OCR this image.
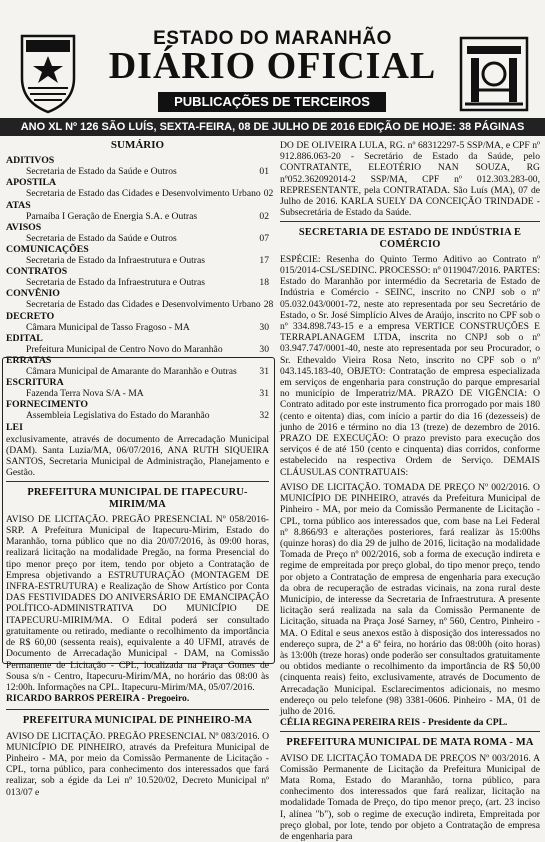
ESTADO DO MARANHÃO
DIÁRIO OFICIAL
PUBLICAÇÕES DE TERCEIROS
ANO XL Nº 126 SÃO LUÍS, SEXTA-FEIRA, 08 DE JULHO DE 2016 EDIÇÃO DE HOJE: 38 PÁGINAS
SUMÁRIO
ADITIVOS
Secretaria de Estado da Saúde e Outros	01
APOSTILA
Secretaria de Estado das Cidades e Desenvolvimento Urbano 02
ATAS
Parnaíba I Geração de Energia S.A. e Outras	02
AVISOS
Secretaria de Estado da Saúde e Outros	07
COMUNICAÇÕES
Secretaria de Estado da Infraestrutura e Outras	17
CONTRATOS
Secretaria de Estado da Infraestrutura e Outras	18
CONVÊNIO
Secretaria de Estado das Cidades e Desenvolvimento Urbano 28
DECRETO
Câmara Municipal de Tasso Fragoso - MA	30
EDITAL
Prefeitura Municipal de Centro Novo do Maranhão	30
ERRATAS
Câmara Municipal de Amarante do Maranhão e Outras	31
ESCRITURA
Fazenda Terra Nova S/A - MA	31
FORNECIMENTO
Assembleia Legislativa do Estado do Maranhão	32
LEI
exclusivamente, através de documento de Arrecadação Municipal (DAM). Santa Luzia/MA, 06/07/2016, ANA RUTH SIQUEIRA SANTOS, Secretaria Municipal de Administração, Planejamento e Gestão.
PREFEITURA MUNICIPAL DE ITAPECURU-MIRIM/MA
AVISO DE LICITAÇÃO. PREGÃO PRESENCIAL Nº 058/2016-SRP. A Prefeitura Municipal de Itapecuru-Mirim, Estado do Maranhão, torna público que no dia 20/07/2016, às 09:00 horas, realizará licitação na modalidade Pregão, na forma Presencial do tipo menor preço por item, tendo por objeto a Contratação de Empresa objetivando a ESTRUTURAÇÃO (MONTAGEM DE INFRA-ESTRUTURA) e Realização de Show Artístico por Conta DAS FESTIVIDADES DO ANIVERSÁRIO DE EMANCIPAÇÃO POLÍTICO-ADMINISTRATIVA DO MUNICÍPIO DE ITAPECURU-MIRIM/MA. O Edital poderá ser consultado gratuitamente ou retirado, mediante o recolhimento da importância de R$ 60,00 (sessenta reais), equivalente a 40 UFMI, através de Documento de Arrecadação Municipal - DAM, na Comissão Permanente de Licitação - CPL, localizada na Praça Gomes de Sousa s/n - Centro, Itapecuru-Mirim/MA, no horário das 08:00 às 12:00h. Informações na CPL. Itapecuru-Mirim/MA, 05/07/2016.
RICARDO BARROS PEREIRA - Pregoeiro.
PREFEITURA MUNICIPAL DE PINHEIRO-MA
AVISO DE LICITAÇÃO. PREGÃO PRESENCIAL Nº 083/2016. O MUNICÍPIO DE PINHEIRO, através da Prefeitura Municipal de Pinheiro - MA, por meio da Comissão Permanente de Licitação - CPL, torna público, para conhecimento dos interessados que fará realizar, sob a égide da Lei nº 10.520/02, Decreto Municipal nº 013/07 e
DO DE OLIVEIRA LULA, RG. nº 68312297-5 SSP/MA, e CPF nº 912.886.063-20 - Secretário de Estado da Saúde, pelo CONTRATANTE, ELEOTÉRIO NAN SOUZA, RG nº052.362092014-2 SSP/MA, CPF nº 012.303.283-00, REPRESENTANTE, pela CONTRATADA. São Luís (MA), 07 de Julho de 2016. KARLA SUELY DA CONCEIÇÃO TRINDADE - Subsecretária de Estado da Saúde.
SECRETARIA DE ESTADO DE INDÚSTRIA E COMÉRCIO
ESPÉCIE: Resenha do Quinto Termo Aditivo ao Contrato nº 015/2014-CSL/SEDINC. PROCESSO: nº 0119047/2016. PARTES: Estado do Maranhão por intermédio da Secretaria de Estado de Indústria e Comércio - SEINC, inscrito no CNPJ sob o nº 05.032.043/0001-72, neste ato representada por seu Secretário de Estado, o Sr. José Simplício Alves de Araújo, inscrito no CPF sob o nº 334.898.743-15 e a empresa VERTICE CONSTRUÇÕES E TERRAPLANAGEM LTDA, inscrita no CNPJ sob o nº 03.947.747/0001-40, neste ato representada por seu Procurador, o Sr. Ethevaldo Vieira Rosa Neto, inscrito no CPF sob o nº 043.145.183-40, OBJETO: Contratação de empresa especializada em serviços de engenharia para construção do parque empresarial no município de Imperatriz/MA. PRAZO DE VIGÊNCIA: O Contrato aditado por este instrumento fica prorrogado por mais 180 (cento e oitenta) dias, com início a partir do dia 16 (dezesseis) de junho de 2016 e término no dia 13 (treze) de dezembro de 2016. PRAZO DE EXECUÇÃO: O prazo previsto para execução dos serviços é de até 150 (cento e cinquenta) dias corridos, conforme estabelecido na respectiva Ordem de Serviço. DEMAIS CLÁUSULAS CONTRATUAIS:
AVISO DE LICITAÇÃO. TOMADA DE PREÇO Nº 002/2016. O MUNICÍPIO DE PINHEIRO, através da Prefeitura Municipal de Pinheiro - MA, por meio da Comissão Permanente de Licitação - CPL, torna público aos interessados que, com base na Lei Federal nº 8.866/93 e alterações posteriores, fará realizar às 15:00hs (quinze horas) do dia 29 de julho de 2016, licitação na modalidade Tomada de Preço nº 002/2016, sob a forma de execução indireta e regime de empreitada por preço global, do tipo menor preço, tendo por objeto a Contratação de empresa de engenharia para execução da obra de recuperação de estradas vicinais, na zona rural deste Município, de interesse da Secretaria de Infraestrutura. A presente licitação será realizada na sala da Comissão Permanente de Licitação, situada na Praça José Sarney, nº 560, Centro, Pinheiro - MA. O Edital e seus anexos estão à disposição dos interessados no endereço supra, de 2ª a 6ª feira, no horário das 08:00h (oito horas) às 13:00h (treze horas) onde poderão ser consultados gratuitamente ou obtidos mediante o recolhimento da importância de R$ 50,00 (cinquenta reais) feito, exclusivamente, através de Documento de Arrecadação Municipal. Esclarecimentos adicionais, no mesmo endereço ou pelo telefone (98) 3381-0606. Pinheiro - MA, 01 de julho de 2016.
CÉLIA REGINA PEREIRA REIS - Presidente da CPL.
PREFEITURA MUNICIPAL DE MATA ROMA - MA
AVISO DE LICITAÇÃO TOMADA DE PREÇOS Nº 003/2016. A Comissão Permanente de Licitação da Prefeitura Municipal de Mata Roma, Estado do Maranhão, torna público, para conhecimento dos interessados que fará realizar, licitação na modalidade Tomada de Preço, do tipo menor preço, (art. 23 inciso I, alínea "b"), sob o regime de execução indireta, Empreitada por preço global, por lote, tendo por objeto a Contratação de empresa de engenharia para
